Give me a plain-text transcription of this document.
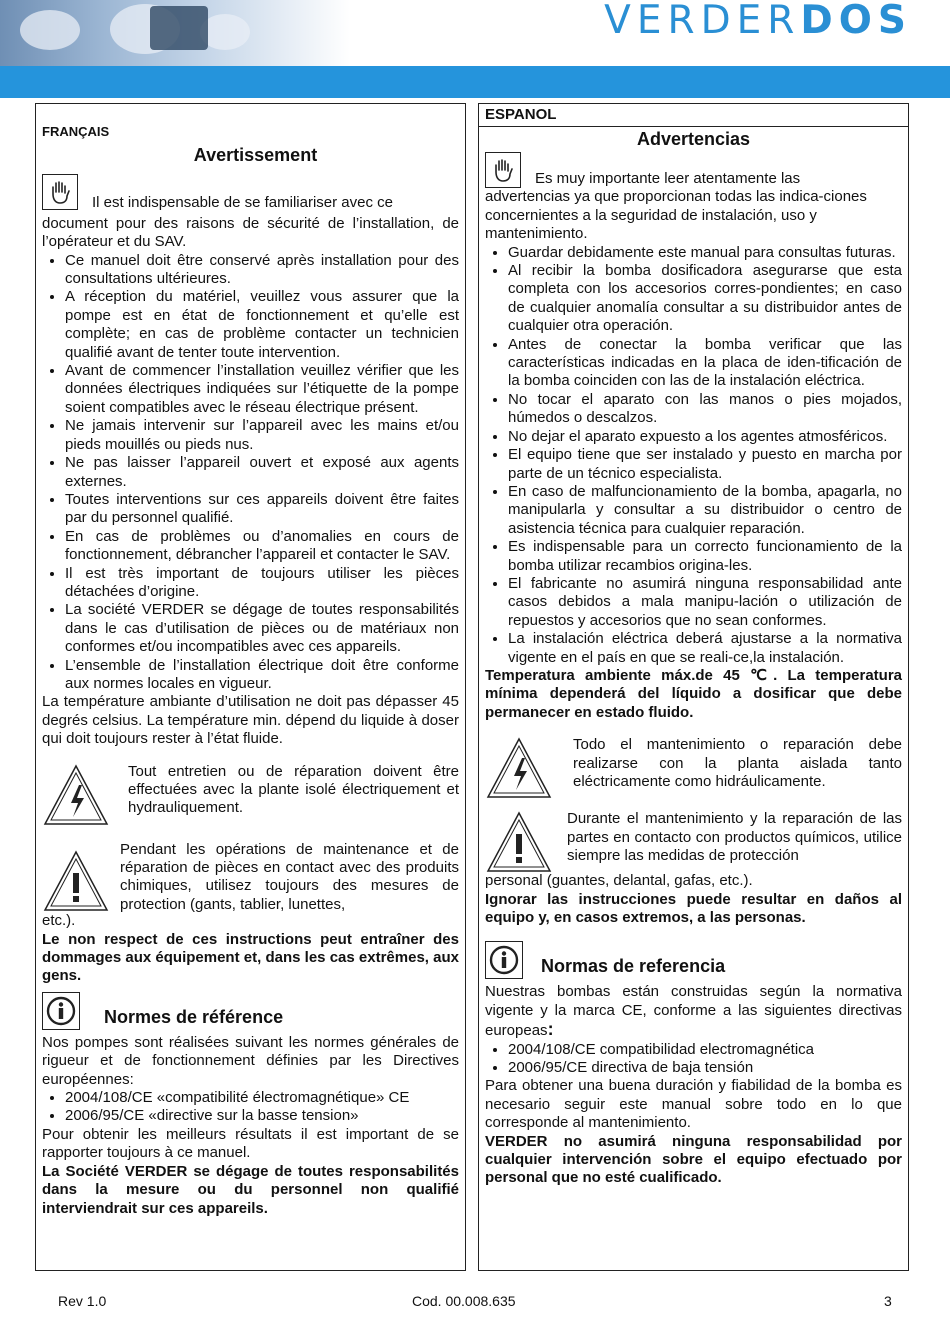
VERDERDOS
FRANÇAIS
Avertissement

Il est indispensable de se familiariser avec ce

document pour des raisons de sécurité de l’installation, de l’opérateur et du SAV.

• Ce manuel doit être conservé après installation pour des consultations ultérieures.
• A réception du matériel, veuillez vous assurer que la pompe est en état de fonctionnement et qu’elle est complète; en cas de problème contacter un technicien qualifié avant de tenter toute intervention.
• Avant de commencer l’installation veuillez vérifier que les données électriques indiquées sur l’étiquette de la pompe soient compatibles avec le réseau électrique présent.
• Ne jamais intervenir sur l’appareil avec les mains et/ou pieds mouillés ou pieds nus.
• Ne pas laisser l’appareil ouvert et exposé aux agents externes.
• Toutes interventions sur ces appareils doivent être faites par du personnel qualifié.
• En cas de problèmes ou d’anomalies en cours de fonctionnement, débrancher l’appareil et contacter le SAV.
• Il est très important de toujours utiliser les pièces détachées d’origine.
• La société VERDER se dégage de toutes responsabilités dans le cas d’utilisation de pièces ou de matériaux non conformes et/ou incompatibles avec ces appareils.
• L’ensemble de l’installation électrique doit être conforme aux normes locales en vigueur.

La température ambiante d’utilisation ne doit pas dépasser 45 degrés celsius. La température min. dépend du liquide à doser qui doit toujours rester à l’état fluide.

Tout entretien ou de réparation doivent être effectuées avec la plante isolé électriquement et hydrauliquement.

Pendant les opérations de maintenance et de réparation de pièces en contact avec des produits chimiques, utilisez toujours des mesures de protection (gants, tablier, lunettes,

etc.).

Le non respect de ces instructions peut entraîner des dommages aux équipement et, dans les cas extrêmes, aux gens.

Normes de référence

Nos pompes sont réalisées suivant les normes générales de rigueur et de fonctionnement définies par les Directives européennes:

• 2004/108/CE «compatibilité électromagnétique» CE
• 2006/95/CE «directive sur la basse tension»

Pour obtenir les meilleurs résultats il est important de se rapporter toujours à ce manuel.

La Société VERDER se dégage de toutes responsabilités dans la mesure ou du personnel non qualifié interviendrait sur ces appareils.

ESPANOL
Advertencias

Es muy importante leer atentamente las

advertencias ya que proporcionan todas las indica-ciones concernientes a la seguridad de instalación, uso y mantenimiento.

• Guardar debidamente este manual para consultas futuras.
• Al recibir la bomba dosificadora asegurarse que esta completa con los accesorios corres-pondientes; en caso de cualquier anomalía consultar a su distribuidor antes de cualquier otra operación.
• Antes de conectar la bomba verificar que las características indicadas en la placa de iden-tificación de la bomba coinciden con las de la instalación eléctrica.
• No tocar el aparato con las manos o pies mojados, húmedos o descalzos.
• No dejar el aparato expuesto a los agentes atmosféricos.
• El equipo tiene que ser instalado y puesto en marcha por parte de un técnico especialista.
• En caso de malfuncionamiento de la bomba, apagarla, no manipularla y consultar a su distribuidor o centro de asistencia técnica para cualquier reparación.
• Es indispensable para un correcto funcionamiento de la bomba utilizar recambios origina-les.
• El fabricante no asumirá ninguna responsabilidad ante casos debidos a mala manipu-lación o utilización de repuestos y accesorios que no sean conformes.
• La instalación eléctrica deberá ajustarse a la normativa vigente en el país en que se reali-ce,la instalación.

Temperatura ambiente máx.de 45 ℃. La temperatura mínima dependerá del líquido a dosificar que debe permanecer en estado fluido.

Todo el mantenimiento o reparación debe realizarse con la planta aislada tanto eléctricamente como hidráulicamente.

Durante el mantenimiento y la reparación de las partes en contacto con productos químicos, utilice siempre las medidas de protección

personal (guantes, delantal, gafas, etc.).

Ignorar las instrucciones puede resultar en daños al equipo y, en casos extremos, a las personas.

Normas de referencia

Nuestras bombas están construidas según la normativa vigente y la marca CE, conforme a las siguientes directivas europeas:

• 2004/108/CE compatibilidad electromagnética
• 2006/95/CE directiva de baja tensión

Para obtener una buena duración y fiabilidad de la bomba es necesario seguir este manual sobre todo en lo que corresponde al mantenimiento.

VERDER no asumirá ninguna responsabilidad por cualquier intervención sobre el equipo efectuado por personal que no esté cualificado.

Rev 1.0	Cod. 00.008.635	3
